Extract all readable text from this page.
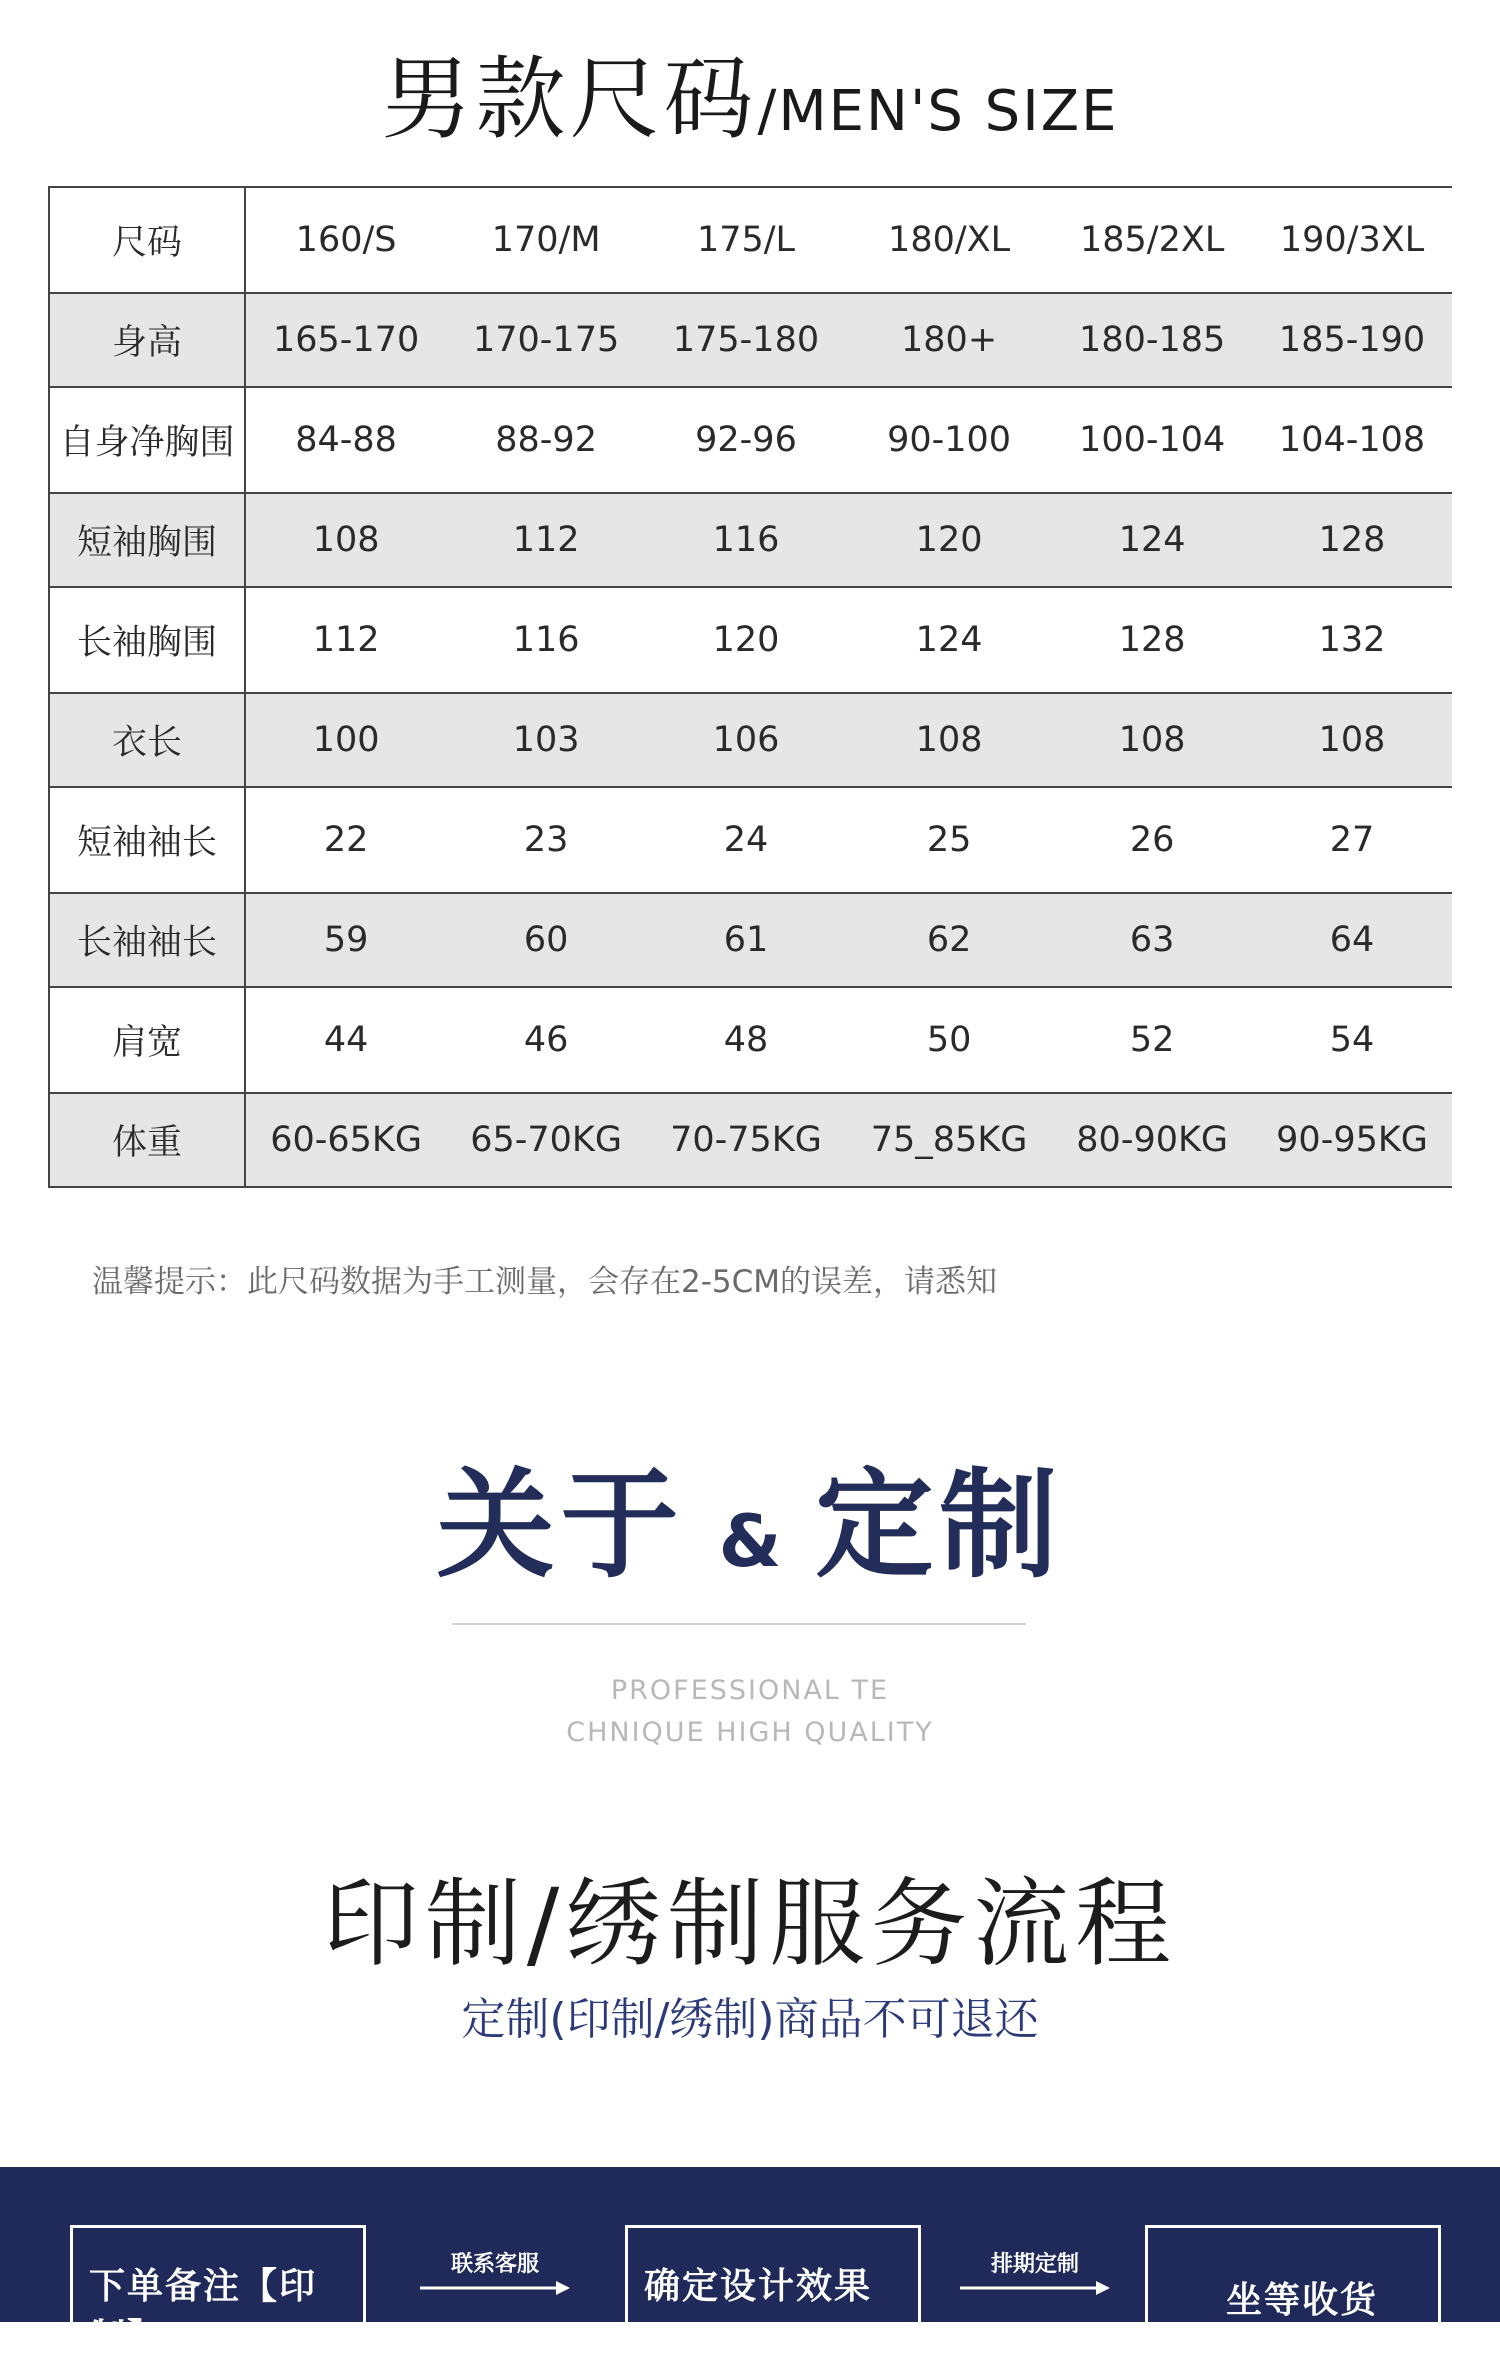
男款尺码/MEN'S SIZE
尺码	160/S	170/M	175/L	180/XL	185/2XL	190/3XL
身高	165-170	170-175	175-180	180+	180-185	185-190
自身净胸围	84-88	88-92	92-96	90-100	100-104	104-108
短袖胸围	108	112	116	120	124	128
长袖胸围	112	116	120	124	128	132
衣长	100	103	106	108	108	108
短袖袖长	22	23	24	25	26	27
长袖袖长	59	60	61	62	63	64
肩宽	44	46	48	50	52	54
体重	60-65KG	65-70KG	70-75KG	75_85KG	80-90KG	90-95KG
温馨提示：此尺码数据为手工测量，会存在2-5CM的误差，请悉知
关于 & 定制
PROFESSIONAL TE
CHNIQUE HIGH QUALITY
印制/绣制服务流程
定制(印制/绣制)商品不可退还
下单备注【印制】
联系客服
确定设计效果
排期定制
坐等收货
